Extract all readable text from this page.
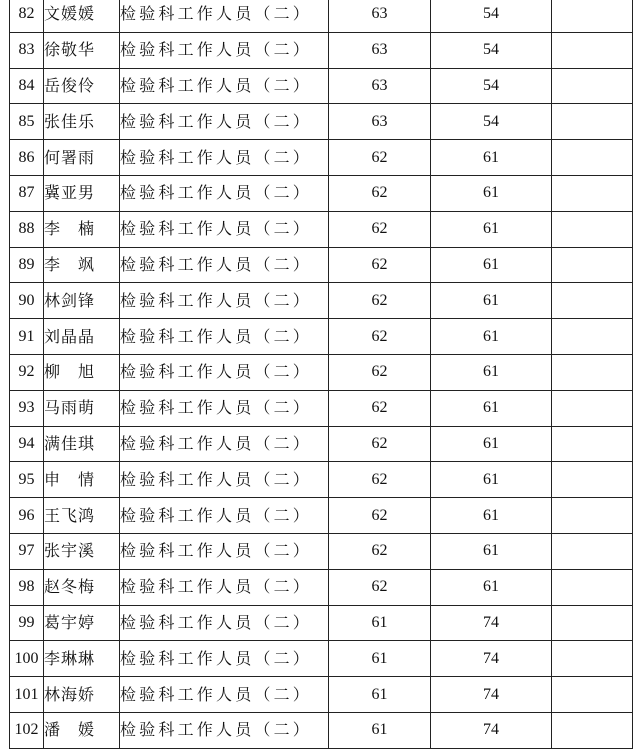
82	文媛媛	检验科工作人员（二）	63	54	
83	徐敬华	检验科工作人员（二）	63	54	
84	岳俊伶	检验科工作人员（二）	63	54	
85	张佳乐	检验科工作人员（二）	63	54	
86	何署雨	检验科工作人员（二）	62	61	
87	冀亚男	检验科工作人员（二）	62	61	
88	李　楠	检验科工作人员（二）	62	61	
89	李　飒	检验科工作人员（二）	62	61	
90	林剑锋	检验科工作人员（二）	62	61	
91	刘晶晶	检验科工作人员（二）	62	61	
92	柳　旭	检验科工作人员（二）	62	61	
93	马雨萌	检验科工作人员（二）	62	61	
94	满佳琪	检验科工作人员（二）	62	61	
95	申　情	检验科工作人员（二）	62	61	
96	王飞鸿	检验科工作人员（二）	62	61	
97	张宇溪	检验科工作人员（二）	62	61	
98	赵冬梅	检验科工作人员（二）	62	61	
99	葛宇婷	检验科工作人员（二）	61	74	
100	李琳琳	检验科工作人员（二）	61	74	
101	林海娇	检验科工作人员（二）	61	74	
102	潘　媛	检验科工作人员（二）	61	74	
